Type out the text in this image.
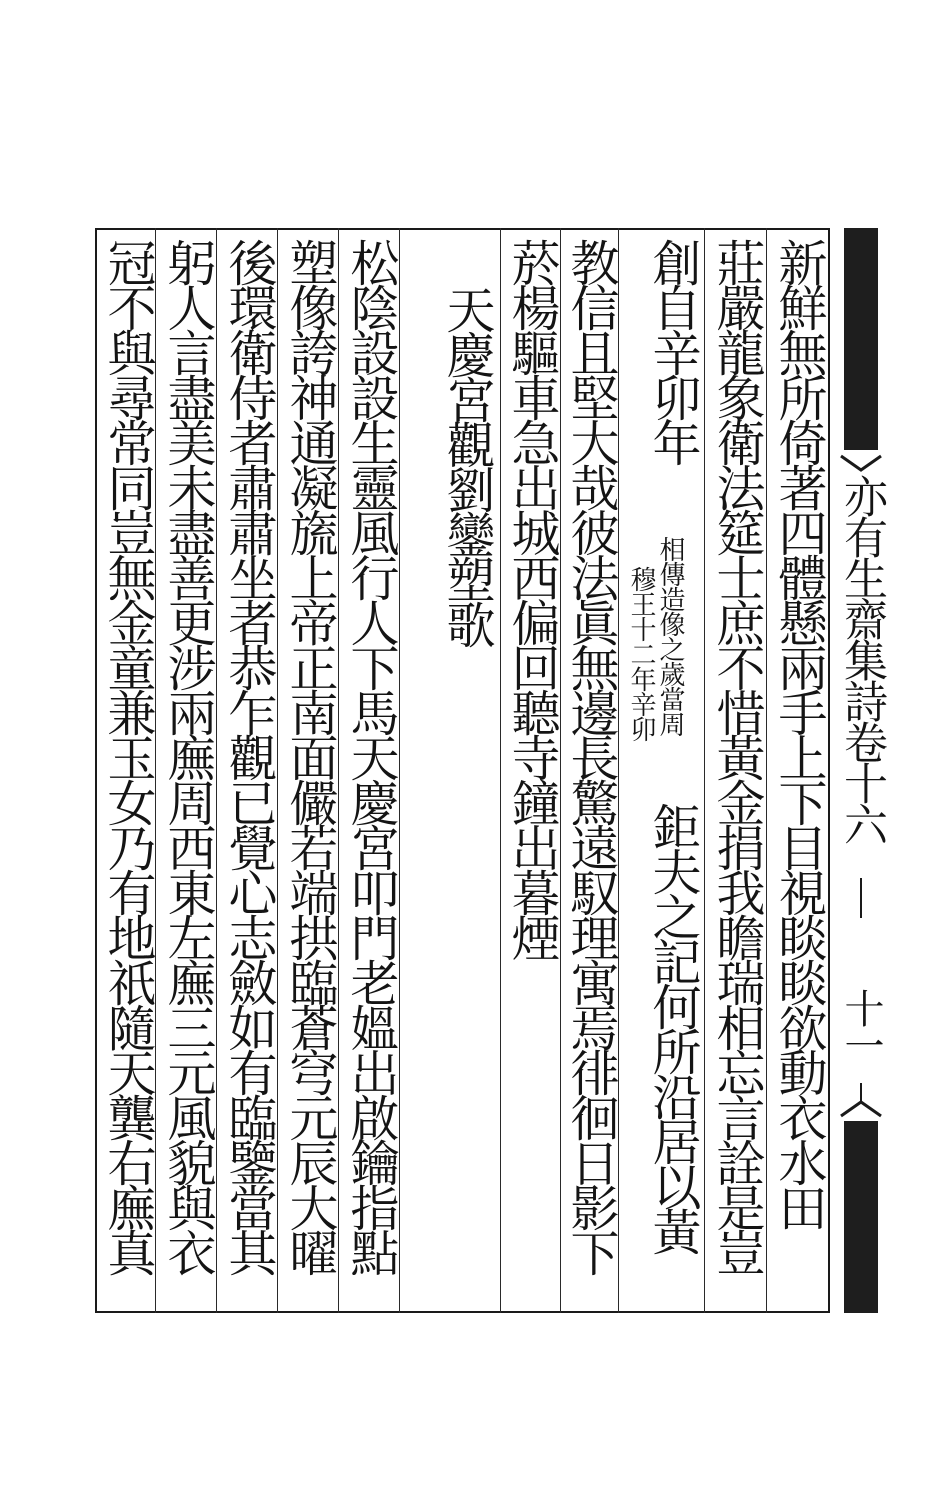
新鮮無所倚著四體懸兩手上下目視睒睒欲動衣水田
莊嚴龍象衛法筵士庶不惜黃金捐我瞻瑞相忘言詮是豈
創自辛卯年
相傳造像之歲當周
穆王十二年辛卯
鉅夫之記何所沿居以黃
教信且堅大哉彼法眞無邊長驚遠馭理寓焉徘徊日影下
菸楊驅車急出城西偏回聽寺鐘出暮煙
天慶宮觀劉鑾塑歌
松陰設設生靈風行人下馬天慶宮叩門老媼出啟鑰指點
塑像誇神通凝旒上帝正南面儼若端拱臨蒼穹元辰大曜
後環衛侍者肅肅坐者恭乍觀已覺心志斂如有臨鑒當其
躬人言盡美未盡善更涉兩廡周西東左廡三元風貌與衣
冠不與尋常同豈無金童兼玉女乃有地祇隨天龔右廡真	亦有生齋集詩卷十六
十一
